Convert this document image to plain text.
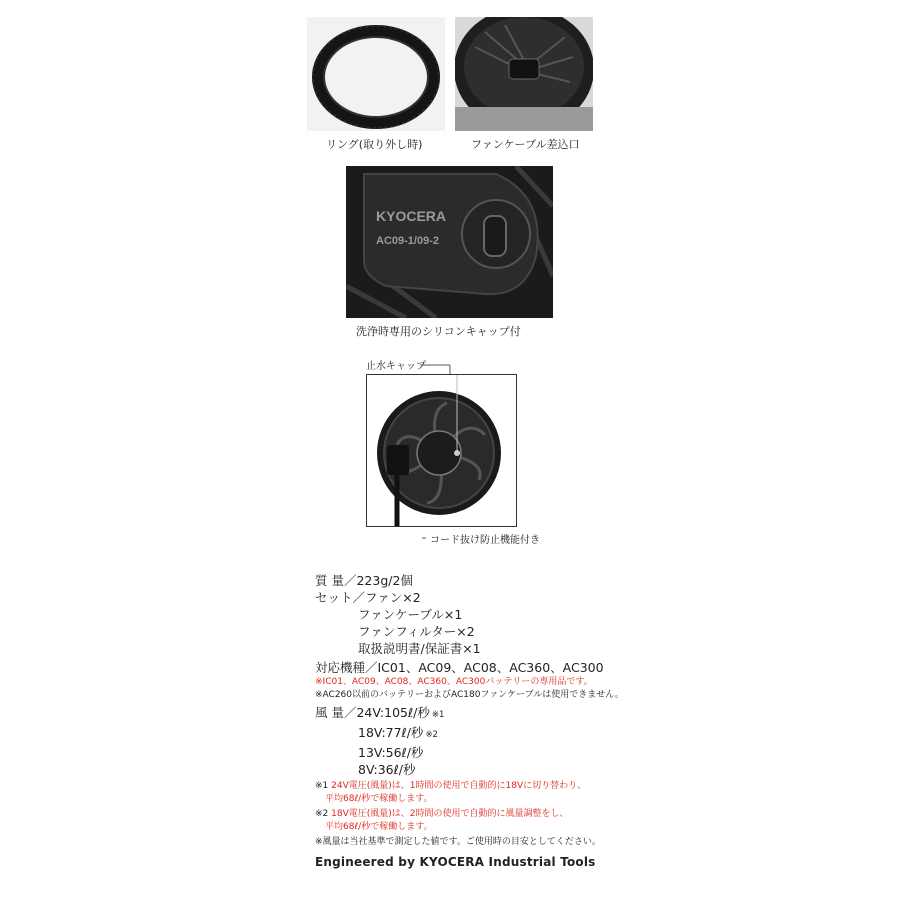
リング(取り外し時)	ファンケーブル差込口
KYOCERA
AC09-1/09-2
洗浄時専用のシリコンキャップ付
止水キャップ
コード抜け防止機能付き
質 量／223g/2個
セット／ファン×2
ファンケーブル×1
ファンフィルター×2
取扱説明書/保証書×1
対応機種／IC01、AC09、AC08、AC360、AC300
※IC01、AC09、AC08、AC360、AC300バッテリーの専用品です。
※AC260以前のバッテリーおよびAC180ファンケーブルは使用できません。
風 量／24V:105ℓ/秒 ※1
18V:77ℓ/秒 ※2
13V:56ℓ/秒
8V:36ℓ/秒
※1 24V電圧(風量)は、1時間の使用で自動的に18Vに切り替わり、
平均68ℓ/秒で稼働します。
※2 18V電圧(風量)は、2時間の使用で自動的に風量調整をし、
平均68ℓ/秒で稼働します。
※風量は当社基準で測定した値です。ご使用時の目安としてください。
Engineered by KYOCERA Industrial Tools
